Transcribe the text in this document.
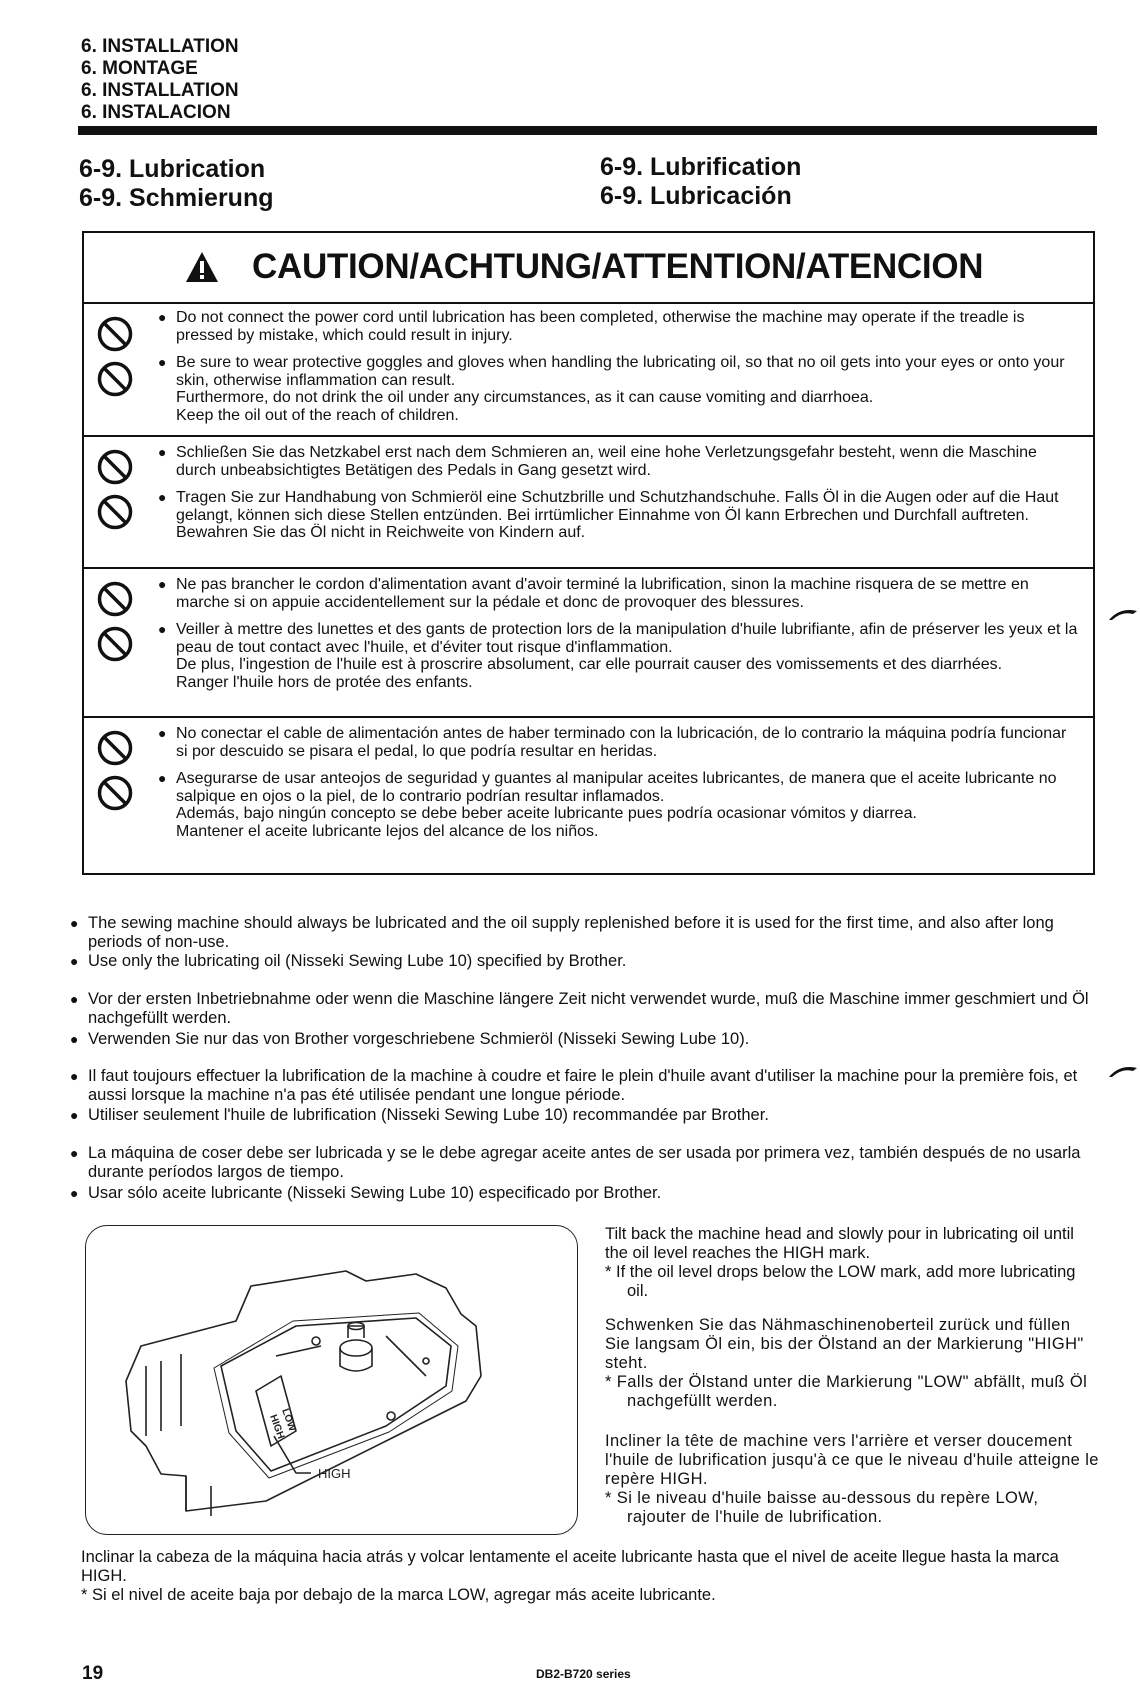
6. INSTALLATION
6. MONTAGE
6. INSTALLATION
6. INSTALACION
6-9. Lubrication
6-9. Schmierung
6-9. Lubrification
6-9. Lubricación
CAUTION/ACHTUNG/ATTENTION/ATENCION
● Do not connect the power cord until lubrication has been completed, otherwise the machine may operate if the treadle is pressed by mistake, which could result in injury.
● Be sure to wear protective goggles and gloves when handling the lubricating oil, so that no oil gets into your eyes or onto your skin, otherwise inflammation can result.
Furthermore, do not drink the oil under any circumstances, as it can cause vomiting and diarrhoea.
Keep the oil out of the reach of children.
● Schließen Sie das Netzkabel erst nach dem Schmieren an, weil eine hohe Verletzungsgefahr besteht, wenn die Maschine durch unbeabsichtigtes Betätigen des Pedals in Gang gesetzt wird.
● Tragen Sie zur Handhabung von Schmieröl eine Schutzbrille und Schutzhandschuhe. Falls Öl in die Augen oder auf die Haut gelangt, können sich diese Stellen entzünden. Bei irrtümlicher Einnahme von Öl kann Erbrechen und Durchfall auftreten.
Bewahren Sie das Öl nicht in Reichweite von Kindern auf.
● Ne pas brancher le cordon d'alimentation avant d'avoir terminé la lubrification, sinon la machine risquera de se mettre en marche si on appuie accidentellement sur la pédale et donc de provoquer des blessures.
● Veiller à mettre des lunettes et des gants de protection lors de la manipulation d'huile lubrifiante, afin de préserver les yeux et la peau de tout contact avec l'huile, et d'éviter tout risque d'inflammation.
De plus, l'ingestion de l'huile est à proscrire absolument, car elle pourrait causer des vomissements et des diarrhées.
Ranger l'huile hors de protée des enfants.
● No conectar el cable de alimentación antes de haber terminado con la lubricación, de lo contrario la máquina podría funcionar si por descuido se pisara el pedal, lo que podría resultar en heridas.
● Asegurarse de usar anteojos de seguridad y guantes al manipular aceites lubricantes, de manera que el aceite lubricante no salpique en ojos o la piel, de lo contrario podrían resultar inflamados.
Además, bajo ningún concepto se debe beber aceite lubricante pues podría ocasionar vómitos y diarrea.
Mantener el aceite lubricante lejos del alcance de los niños.
● The sewing machine should always be lubricated and the oil supply replenished before it is used for the first time, and also after long periods of non-use.
● Use only the lubricating oil (Nisseki Sewing Lube 10) specified by Brother.
● Vor der ersten Inbetriebnahme oder wenn die Maschine längere Zeit nicht verwendet wurde, muß die Maschine immer geschmiert und Öl nachgefüllt werden.
● Verwenden Sie nur das von Brother vorgeschriebene Schmieröl (Nisseki Sewing Lube 10).
● Il faut toujours effectuer la lubrification de la machine à coudre et faire le plein d'huile avant d'utiliser la machine pour la première fois, et aussi lorsque la machine n'a pas été utilisée pendant une longue période.
● Utiliser seulement l'huile de lubrification (Nisseki Sewing Lube 10) recommandée par Brother.
● La máquina de coser debe ser lubricada y se le debe agregar aceite antes de ser usada por primera vez, también después de no usarla durante períodos largos de tiempo.
● Usar sólo aceite lubricante (Nisseki Sewing Lube 10) especificado por Brother.
HIGH
LOW
HIGH
Tilt back the machine head and slowly pour in lubricating oil until the oil level reaches the HIGH mark.
* If the oil level drops below the LOW mark, add more lubricating oil.
Schwenken Sie das Nähmaschinenoberteil zurück und füllen Sie langsam Öl ein, bis der Ölstand an der Markierung "HIGH" steht.
* Falls der Ölstand unter die Markierung "LOW" abfällt, muß Öl nachgefüllt werden.
Incliner la tête de machine vers l'arrière et verser doucement l'huile de lubrification jusqu'à ce que le niveau d'huile atteigne le repère HIGH.
* Si le niveau d'huile baisse au-dessous du repère LOW, rajouter de l'huile de lubrification.
Inclinar la cabeza de la máquina hacia atrás y volcar lentamente el aceite lubricante hasta que el nivel de aceite llegue hasta la marca HIGH.
* Si el nivel de aceite baja por debajo de la marca LOW, agregar más aceite lubricante.
19	DB2-B720 series
